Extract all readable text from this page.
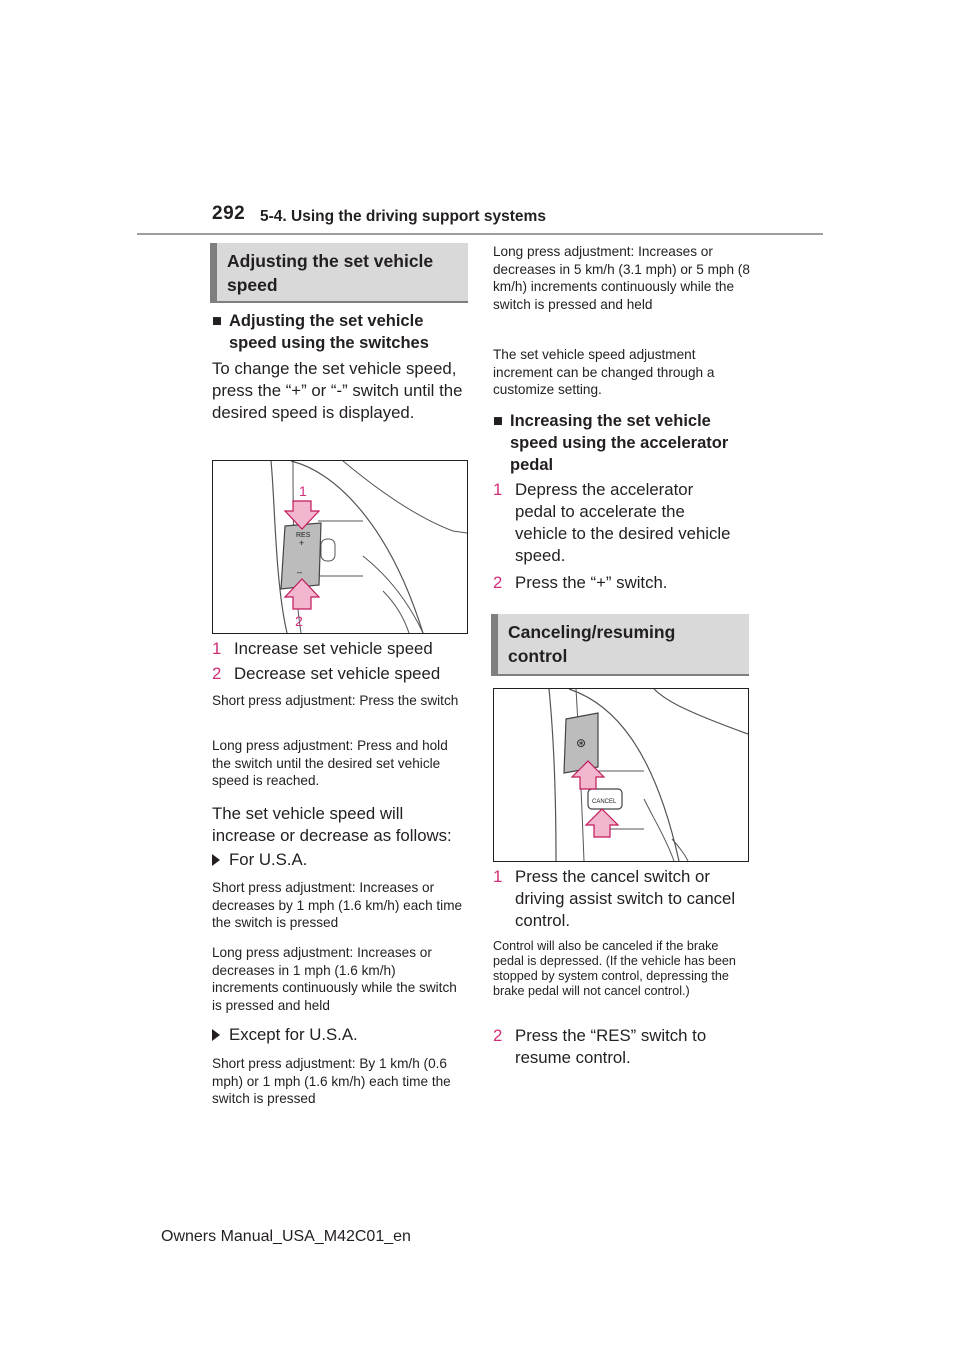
292 5-4. Using the driving support systems
Adjusting the set vehicle speed
■ Adjusting the set vehicle speed using the switches
To change the set vehicle speed, press the “+” or “-” switch until the desired speed is displayed.
RES
+
–
1
2
1 Increase set vehicle speed
2 Decrease set vehicle speed
Short press adjustment: Press the switch
Long press adjustment: Press and hold the switch until the desired set vehicle speed is reached.
The set vehicle speed will increase or decrease as follows:
For U.S.A.
Short press adjustment: Increases or decreases by 1 mph (1.6 km/h) each time the switch is pressed
Long press adjustment: Increases or decreases in 1 mph (1.6 km/h) increments continuously while the switch is pressed and held
Except for U.S.A.
Short press adjustment: By 1 km/h (0.6 mph) or 1 mph (1.6 km/h) each time the switch is pressed
Long press adjustment: Increases or decreases in 5 km/h (3.1 mph) or 5 mph (8 km/h) increments continuously while the switch is pressed and held
The set vehicle speed adjustment increment can be changed through a customize setting.
■ Increasing the set vehicle speed using the accelerator pedal
1 Depress the accelerator pedal to accelerate the vehicle to the desired vehicle speed.
2 Press the “+” switch.
Canceling/resuming control
⊛
CANCEL
1 Press the cancel switch or driving assist switch to cancel control.
Control will also be canceled if the brake pedal is depressed. (If the vehicle has been stopped by system control, depressing the brake pedal will not cancel control.)
2 Press the “RES” switch to resume control.
Owners Manual_USA_M42C01_en
